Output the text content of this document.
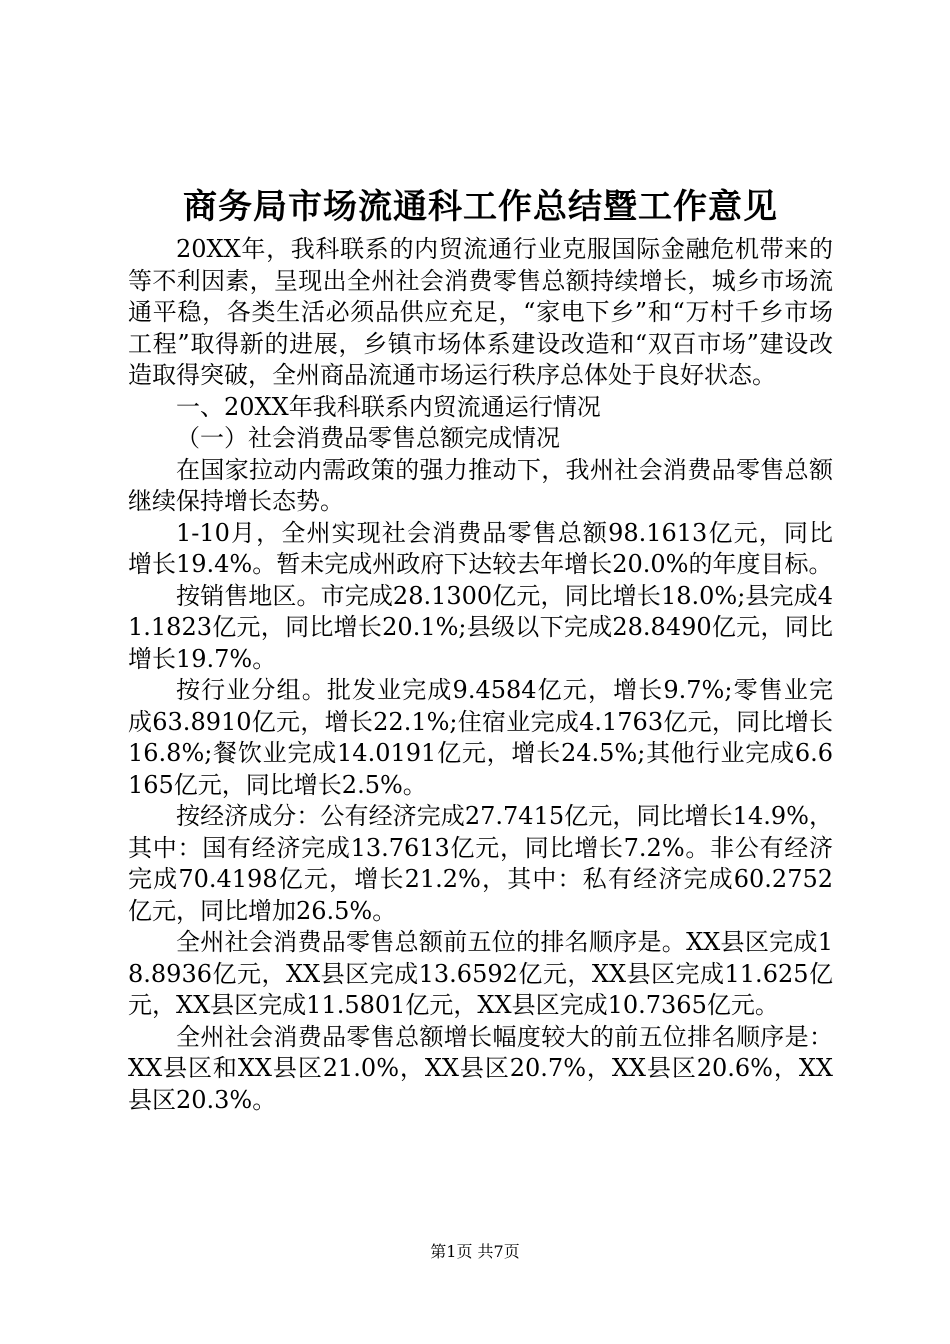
商务局市场流通科工作总结暨工作意见

20XX年，我科联系的内贸流通行业克服国际金融危机带来的等不利因素，呈现出全州社会消费零售总额持续增长，城乡市场流通平稳，各类生活必须品供应充足，“家电下乡”和“万村千乡市场工程”取得新的进展，乡镇市场体系建设改造和“双百市场”建设改造取得突破，全州商品流通市场运行秩序总体处于良好状态。

一、20XX年我科联系内贸流通运行情况

（一）社会消费品零售总额完成情况

在国家拉动内需政策的强力推动下，我州社会消费品零售总额继续保持增长态势。

1-10月，全州实现社会消费品零售总额98.1613亿元，同比增长19.4%。暂未完成州政府下达较去年增长20.0%的年度目标。

按销售地区。市完成28.1300亿元，同比增长18.0%;县完成41.1823亿元，同比增长20.1%;县级以下完成28.8490亿元，同比增长19.7%。

按行业分组。批发业完成9.4584亿元，增长9.7%;零售业完成63.8910亿元，增长22.1%;住宿业完成4.1763亿元，同比增长16.8%;餐饮业完成14.0191亿元，增长24.5%;其他行业完成6.6165亿元，同比增长2.5%。

按经济成分：公有经济完成27.7415亿元，同比增长14.9%，其中：国有经济完成13.7613亿元，同比增长7.2%。非公有经济完成70.4198亿元，增长21.2%，其中：私有经济完成60.2752亿元，同比增加26.5%。

全州社会消费品零售总额前五位的排名顺序是。XX县区完成18.8936亿元，XX县区完成13.6592亿元，XX县区完成11.625亿元，XX县区完成11.5801亿元，XX县区完成10.7365亿元。

全州社会消费品零售总额增长幅度较大的前五位排名顺序是：XX县区和XX县区21.0%，XX县区20.7%，XX县区20.6%，XX县区20.3%。

第1页 共7页
